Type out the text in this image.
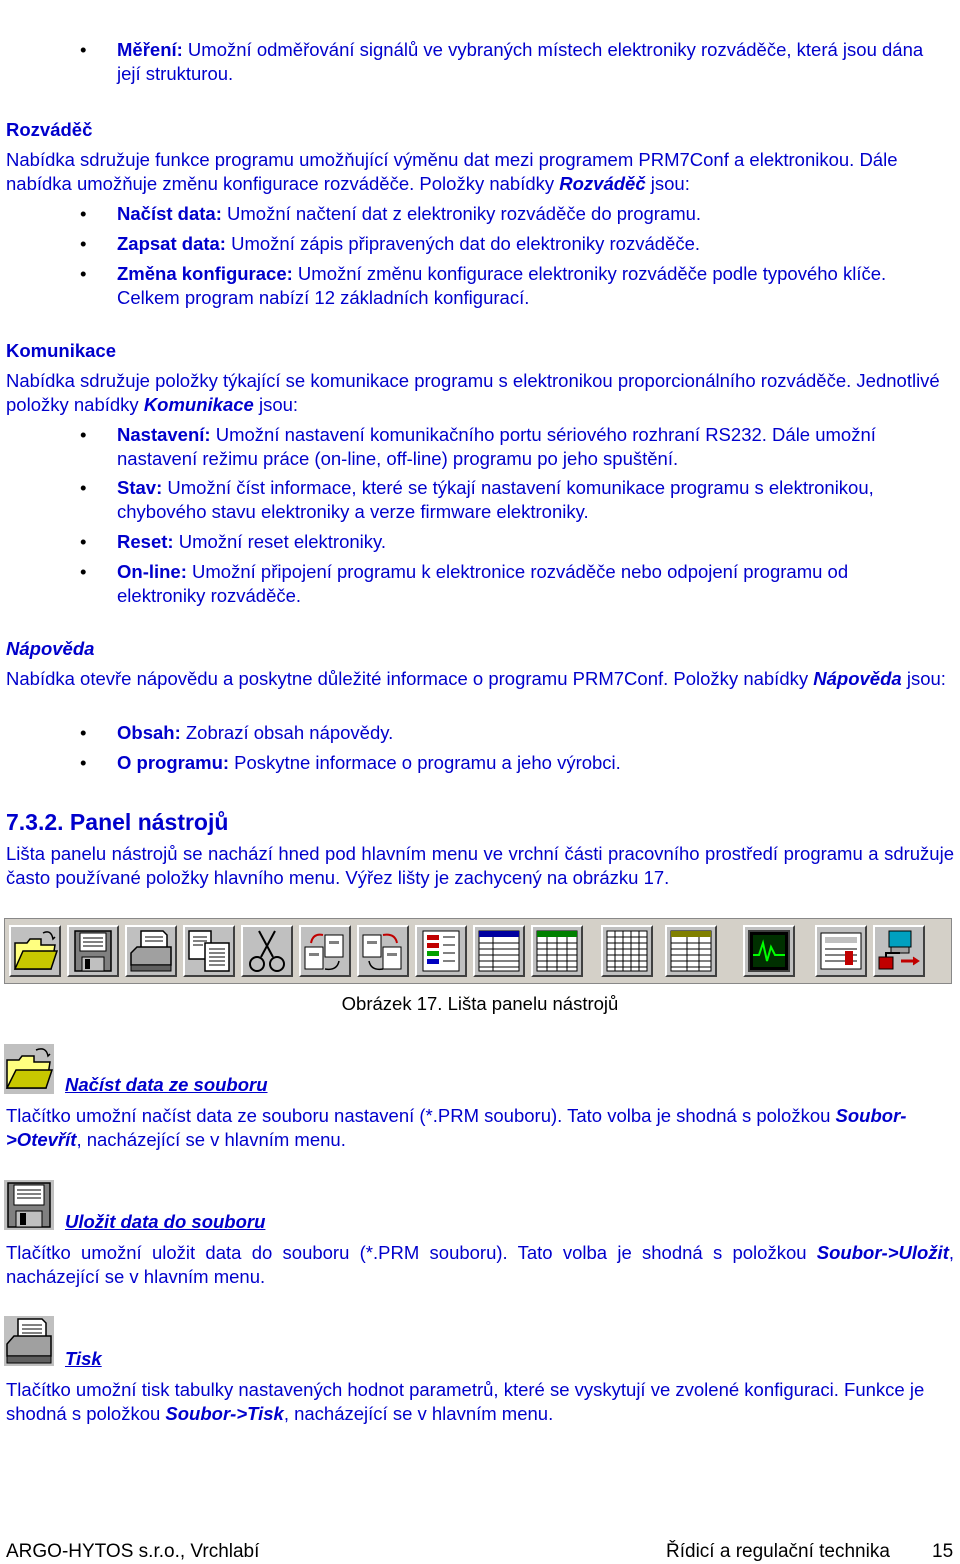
•
Měření: Umožní odměřování signálů ve vybraných místech elektroniky rozváděče, která jsou dána její strukturou.
Rozváděč
Nabídka sdružuje funkce programu umožňující výměnu dat mezi programem PRM7Conf a elektronikou. Dále nabídka umožňuje změnu konfigurace rozváděče. Položky nabídky Rozváděč jsou:
•
Načíst data: Umožní načtení dat z elektroniky rozváděče do programu.
•
Zapsat data: Umožní zápis připravených dat do elektroniky rozváděče.
•
Změna konfigurace: Umožní změnu konfigurace elektroniky rozváděče podle typového klíče. Celkem program nabízí 12 základních konfigurací.
Komunikace
Nabídka sdružuje položky týkající se komunikace programu s elektronikou proporcionálního rozváděče. Jednotlivé položky nabídky Komunikace jsou:
•
Nastavení: Umožní nastavení komunikačního portu sériového rozhraní RS232. Dále umožní nastavení režimu práce (on-line, off-line) programu po jeho spuštění.
•
Stav: Umožní číst informace, které se týkají nastavení komunikace programu s elektronikou, chybového stavu elektroniky a verze firmware elektroniky.
•
Reset: Umožní reset elektroniky.
•
On-line: Umožní připojení programu k elektronice rozváděče nebo odpojení programu od elektroniky rozváděče.
Nápověda
Nabídka otevře nápovědu a poskytne důležité informace o programu PRM7Conf. Položky nabídky Nápověda jsou:
•
Obsah: Zobrazí obsah nápovědy.
•
O programu: Poskytne informace o programu a jeho výrobci.
7.3.2. Panel nástrojů
Lišta panelu nástrojů se nachází hned pod hlavním menu ve vrchní části pracovního prostředí programu a sdružuje často používané položky hlavního menu. Výřez lišty je zachycený na obrázku 17.
Obrázek 17. Lišta panelu nástrojů
Načíst data ze souboru
Tlačítko umožní načíst data ze souboru nastavení (*.PRM souboru). Tato volba je shodná s položkou Soubor->Otevřít, nacházející se v hlavním menu.
Uložit data do souboru
Tlačítko umožní uložit data do souboru (*.PRM souboru). Tato volba je shodná s položkou Soubor->Uložit, nacházející se v hlavním menu.
Tisk
Tlačítko umožní tisk tabulky nastavených hodnot parametrů, které se vyskytují ve zvolené konfiguraci. Funkce je shodná s položkou Soubor->Tisk, nacházející se v hlavním menu.
ARGO-HYTOS s.r.o., Vrchlabí	Řídicí a regulační technika 15
